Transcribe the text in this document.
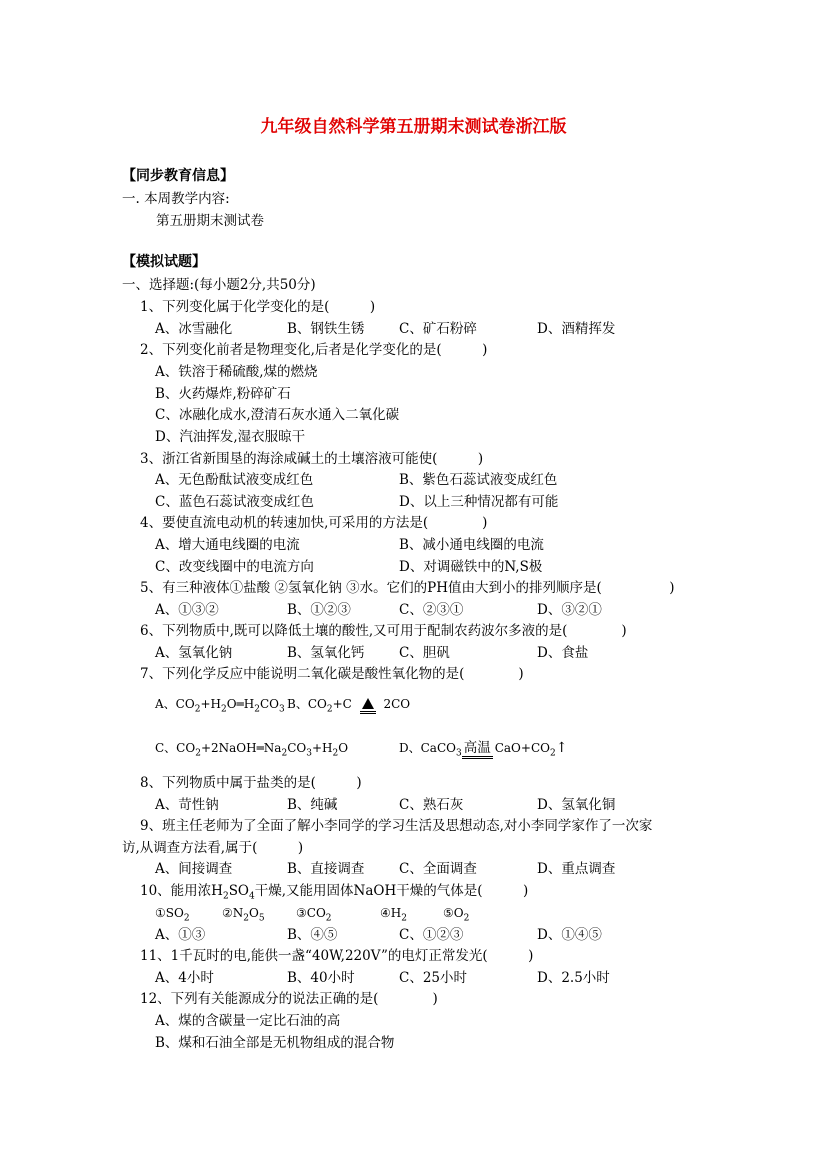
九年级自然科学第五册期末测试卷浙江版
【同步教育信息】
一. 本周教学内容:
第五册期末测试卷
【模拟试题】
一、选择题:(每小题2分,共50分)
1、下列变化属于化学变化的是(　　　)
A、冰雪融化	B、钢铁生锈	C、矿石粉碎	D、酒精挥发
2、下列变化前者是物理变化,后者是化学变化的是(　　　)
A、铁溶于稀硫酸,煤的燃烧
B、火药爆炸,粉碎矿石
C、冰融化成水,澄清石灰水通入二氧化碳
D、汽油挥发,湿衣服晾干
3、浙江省新围垦的海涂咸碱土的土壤溶液可能使(　　　)
A、无色酚酞试液变成红色	B、紫色石蕊试液变成红色
C、蓝色石蕊试液变成红色	D、以上三种情况都有可能
4、要使直流电动机的转速加快,可采用的方法是(　　　　)
A、增大通电线圈的电流	B、减小通电线圈的电流
C、改变线圈中的电流方向	D、对调磁铁中的N,S极
5、有三种液体①盐酸 ②氢氧化钠 ③水。它们的PH值由大到小的排列顺序是(　　　　　)
A、①③②	B、①②③	C、②③①	D、③②①
6、下列物质中,既可以降低土壤的酸性,又可用于配制农药波尔多液的是(　　　　)
A、氢氧化钠	B、氢氧化钙	C、胆矾	D、食盐
7、下列化学反应中能说明二氧化碳是酸性氧化物的是(　　　　)
A、$CO_2+H_2O═H_2CO_3$ B、$CO_2+C$	2CO
C、$CO_2+2NaOH═Na_2CO_3+H_2O$	D、CaCO$_3$ 高温 $CaO+CO_2↑$
8、下列物质中属于盐类的是(　　　)
A、苛性钠	B、纯碱	C、熟石灰	D、氢氧化铜
9、班主任老师为了全面了解小李同学的学习生活及思想动态,对小李同学家作了一次家
访,从调查方法看,属于(　　　)
A、间接调查	B、直接调查	C、全面调查	D、重点调查
10、能用浓$H_2SO_4$干燥,又能用固体NaOH干燥的气体是(　　　)
$①SO_2$	$②N_2O_5$	$③CO_2$	$④H_2$	$⑤O_2$
A、①③	B、④⑤	C、①②③	D、①④⑤
11、1千瓦时的电,能供一盏“40W,220V”的电灯正常发光(　　　)
A、4小时	B、40小时	C、25小时	D、2.5小时
12、下列有关能源成分的说法正确的是(　　　　)
A、煤的含碳量一定比石油的高
B、煤和石油全部是无机物组成的混合物
